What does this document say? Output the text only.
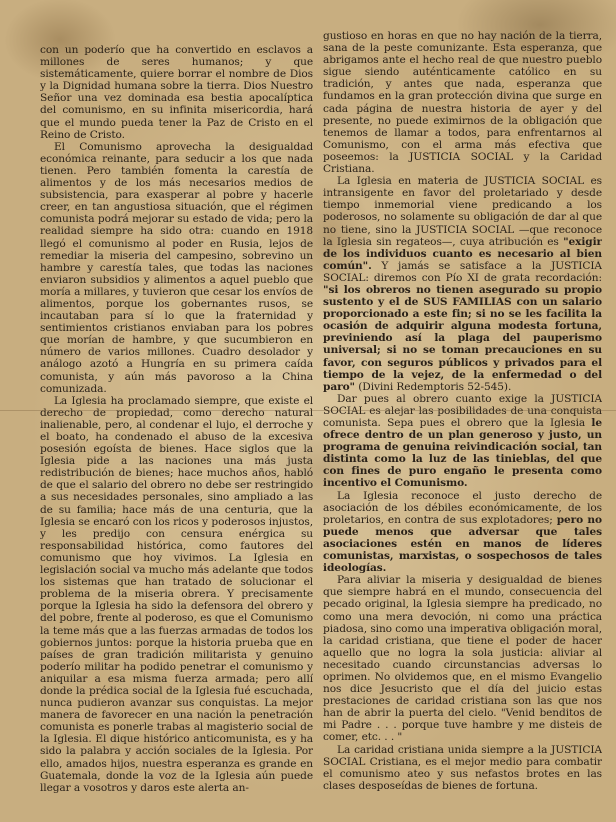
con un poderío que ha convertido en esclavos a millones de seres humanos; y que sistemáticamente, quiere borrar el nombre de Dios y la Dignidad humana sobre la tierra. Dios Nuestro Señor una vez dominada esa bestia apocalíptica del comunismo, en su infinita misericordia, hará que el mundo pueda tener la Paz de Cristo en el Reino de Cristo.

El Comunismo aprovecha la desigualdad económica reinante, para seducir a los que nada tienen. Pero también fomenta la carestía de alimentos y de los más necesarios medios de subsistencia, para exasperar al pobre y hacerle creer, en tan angustiosa situación, que el régimen comunista podrá mejorar su estado de vida; pero la realidad siempre ha sido otra: cuando en 1918 llegó el comunismo al poder en Rusia, lejos de remediar la miseria del campesino, sobrevino un hambre y carestía tales, que todas las naciones enviaron subsidios y alimentos a aquel pueblo que moría a millares, y tuvieron que cesar los envíos de alimentos, porque los gobernantes rusos, se incautaban para sí lo que la fraternidad y sentimientos cristianos enviaban para los pobres que morían de hambre, y que sucumbieron en número de varios millones. Cuadro desolador y análogo azotó a Hungría en su primera caída comunista, y aún más pavoroso a la China comunizada.

La Iglesia ha proclamado siempre, que existe el derecho de propiedad, como derecho natural inalienable, pero, al condenar el lujo, el derroche y el boato, ha condenado el abuso de la excesiva posesión egoísta de bienes. Hace siglos que la Iglesia pide a las naciones una más justa redistribución de bienes; hace muchos años, habló de que el salario del obrero no debe ser restringido a sus necesidades personales, sino ampliado a las de su familia; hace más de una centuria, que la Iglesia se encaró con los ricos y poderosos injustos, y les predijo con censura enérgica su responsabilidad histórica, como fautores del comunismo que hoy vivimos. La Iglesia en legislación social va mucho más adelante que todos los sistemas que han tratado de solucionar el problema de la miseria obrera. Y precisamente porque la Iglesia ha sido la defensora del obrero y del pobre, frente al poderoso, es que el Comunismo la teme más que a las fuerzas armadas de todos los gobiernos juntos: porque la historia prueba que en países de gran tradición militarista y genuino poderío militar ha podido penetrar el comunismo y aniquilar a esa misma fuerza armada; pero allí donde la prédica social de la Iglesia fué escuchada, nunca pudieron avanzar sus conquistas. La mejor manera de favorecer en una nación la penetración comunista es ponerle trabas al magisterio social de la Iglesia. El dique histórico anticomunista, es y ha sido la palabra y acción sociales de la Iglesia. Por ello, amados hijos, nuestra esperanza es grande en Guatemala, donde la voz de la Iglesia aún puede llegar a vosotros y daros este alerta an-

gustioso en horas en que no hay nación de la tierra, sana de la peste comunizante. Esta esperanza, que abrigamos ante el hecho real de que nuestro pueblo sigue siendo auténticamente católico en su tradición, y antes que nada, esperanza que fundamos en la gran protección divina que surge en cada página de nuestra historia de ayer y del presente, no puede eximirnos de la obligación que tenemos de llamar a todos, para enfrentarnos al Comunismo, con el arma más efectiva que poseemos: la JUSTICIA SOCIAL y la Caridad Cristiana.

La Iglesia en materia de JUSTICIA SOCIAL es intransigente en favor del proletariado y desde tiempo inmemorial viene predicando a los poderosos, no solamente su obligación de dar al que no tiene, sino la JUSTICIA SOCIAL —que reconoce la Iglesia sin regateos—, cuya atribución es "exigir de los individuos cuanto es necesario al bien común". Y jamás se satisface a la JUSTICIA SOCIAL: diremos con Pío XI de grata recordación: "si los obreros no tienen asegurado su propio sustento y el de SUS FAMILIAS con un salario proporcionado a este fin; si no se les facilita la ocasión de adquirir alguna modesta fortuna, previniendo así la plaga del pauperismo universal; si no se toman precauciones en su favor, con seguros públicos y privados para el tiempo de la vejez, de la enfermedad o del paro" (Divini Redemptoris 52-545).

Dar pues al obrero cuanto exige la JUSTICIA SOCIAL es alejar las posibilidades de una conquista comunista. Sepa pues el obrero que la Iglesia le ofrece dentro de un plan generoso y justo, un programa de genuina reivindicación social, tan distinta como la luz de las tinieblas, del que con fines de puro engaño le presenta como incentivo el Comunismo.

La Iglesia reconoce el justo derecho de asociación de los débiles económicamente, de los proletarios, en contra de sus explotadores; pero no puede menos que adversar que tales asociaciones estén en manos de líderes comunistas, marxistas, o sospechosos de tales ideologías.

Para aliviar la miseria y desigualdad de bienes que siempre habrá en el mundo, consecuencia del pecado original, la Iglesia siempre ha predicado, no como una mera devoción, ni como una práctica piadosa, sino como una imperativa obligación moral, la caridad cristiana, que tiene el poder de hacer aquello que no logra la sola justicia: aliviar al necesitado cuando circunstancias adversas lo oprimen. No olvidemos que, en el mismo Evangelio nos dice Jesucristo que el día del juicio estas prestaciones de caridad cristiana son las que nos han de abrir la puerta del cielo. "Venid benditos de mi Padre . . . porque tuve hambre y me disteis de comer, etc. . . "

La caridad cristiana unida siempre a la JUSTICIA SOCIAL Cristiana, es el mejor medio para combatir el comunismo ateo y sus nefastos brotes en las clases desposeídas de bienes de fortuna.
